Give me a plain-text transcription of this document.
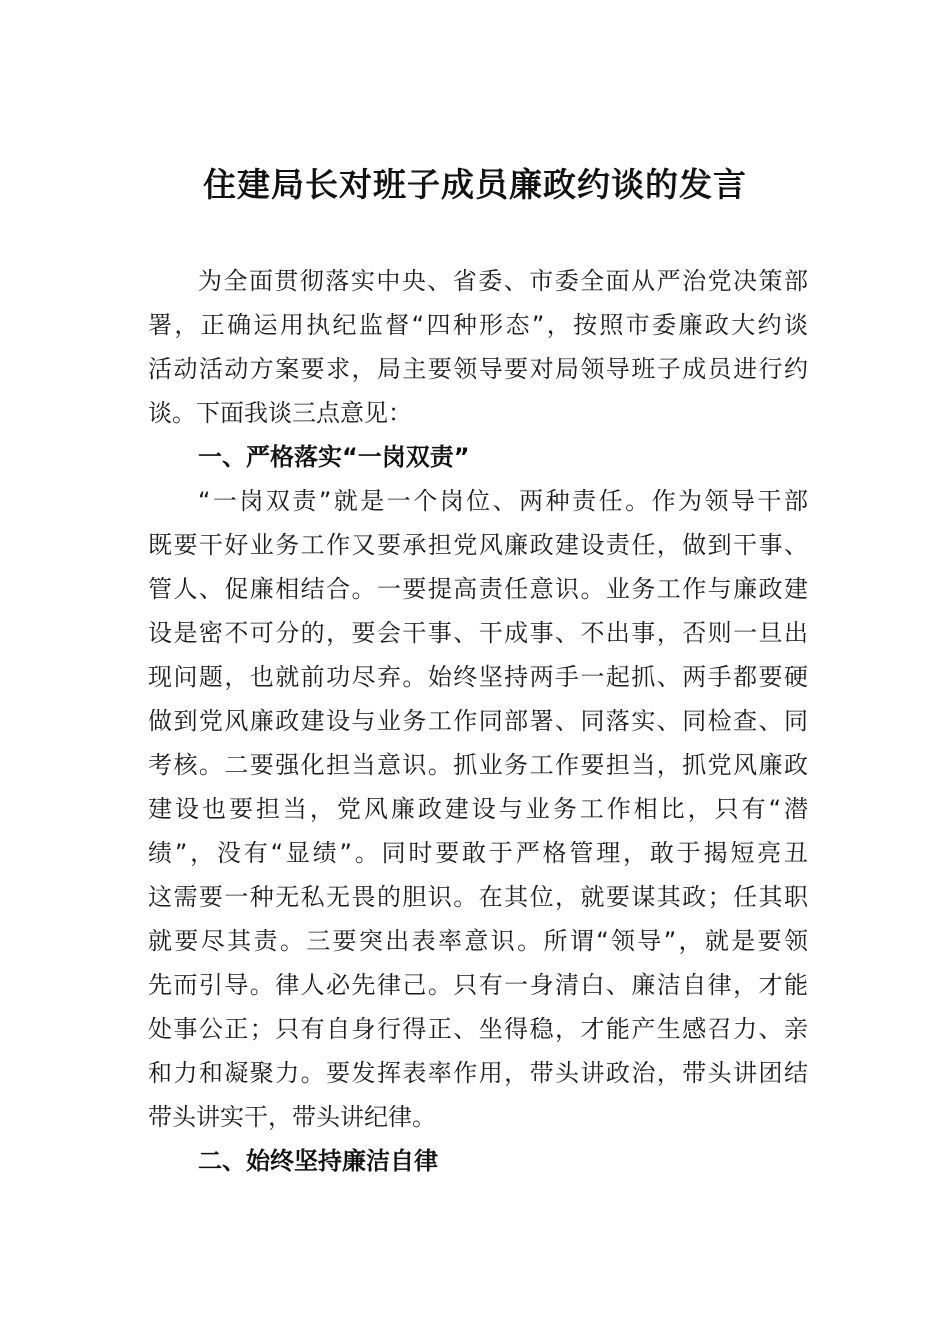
住建局长对班子成员廉政约谈的发言
为全面贯彻落实中央、省委、市委全面从严治党决策部
署，正确运用执纪监督“四种形态”，按照市委廉政大约谈
活动活动方案要求，局主要领导要对局领导班子成员进行约
谈。下面我谈三点意见：
一、严格落实“一岗双责”
“一岗双责”就是一个岗位、两种责任。作为领导干部
既要干好业务工作又要承担党风廉政建设责任，做到干事、
管人、促廉相结合。一要提高责任意识。业务工作与廉政建
设是密不可分的，要会干事、干成事、不出事，否则一旦出
现问题，也就前功尽弃。始终坚持两手一起抓、两手都要硬
做到党风廉政建设与业务工作同部署、同落实、同检查、同
考核。二要强化担当意识。抓业务工作要担当，抓党风廉政
建设也要担当，党风廉政建设与业务工作相比，只有“潜
绩”，没有“显绩”。同时要敢于严格管理，敢于揭短亮丑
这需要一种无私无畏的胆识。在其位，就要谋其政；任其职
就要尽其责。三要突出表率意识。所谓“领导”，就是要领
先而引导。律人必先律己。只有一身清白、廉洁自律，才能
处事公正；只有自身行得正、坐得稳，才能产生感召力、亲
和力和凝聚力。要发挥表率作用，带头讲政治，带头讲团结
带头讲实干，带头讲纪律。
二、始终坚持廉洁自律
